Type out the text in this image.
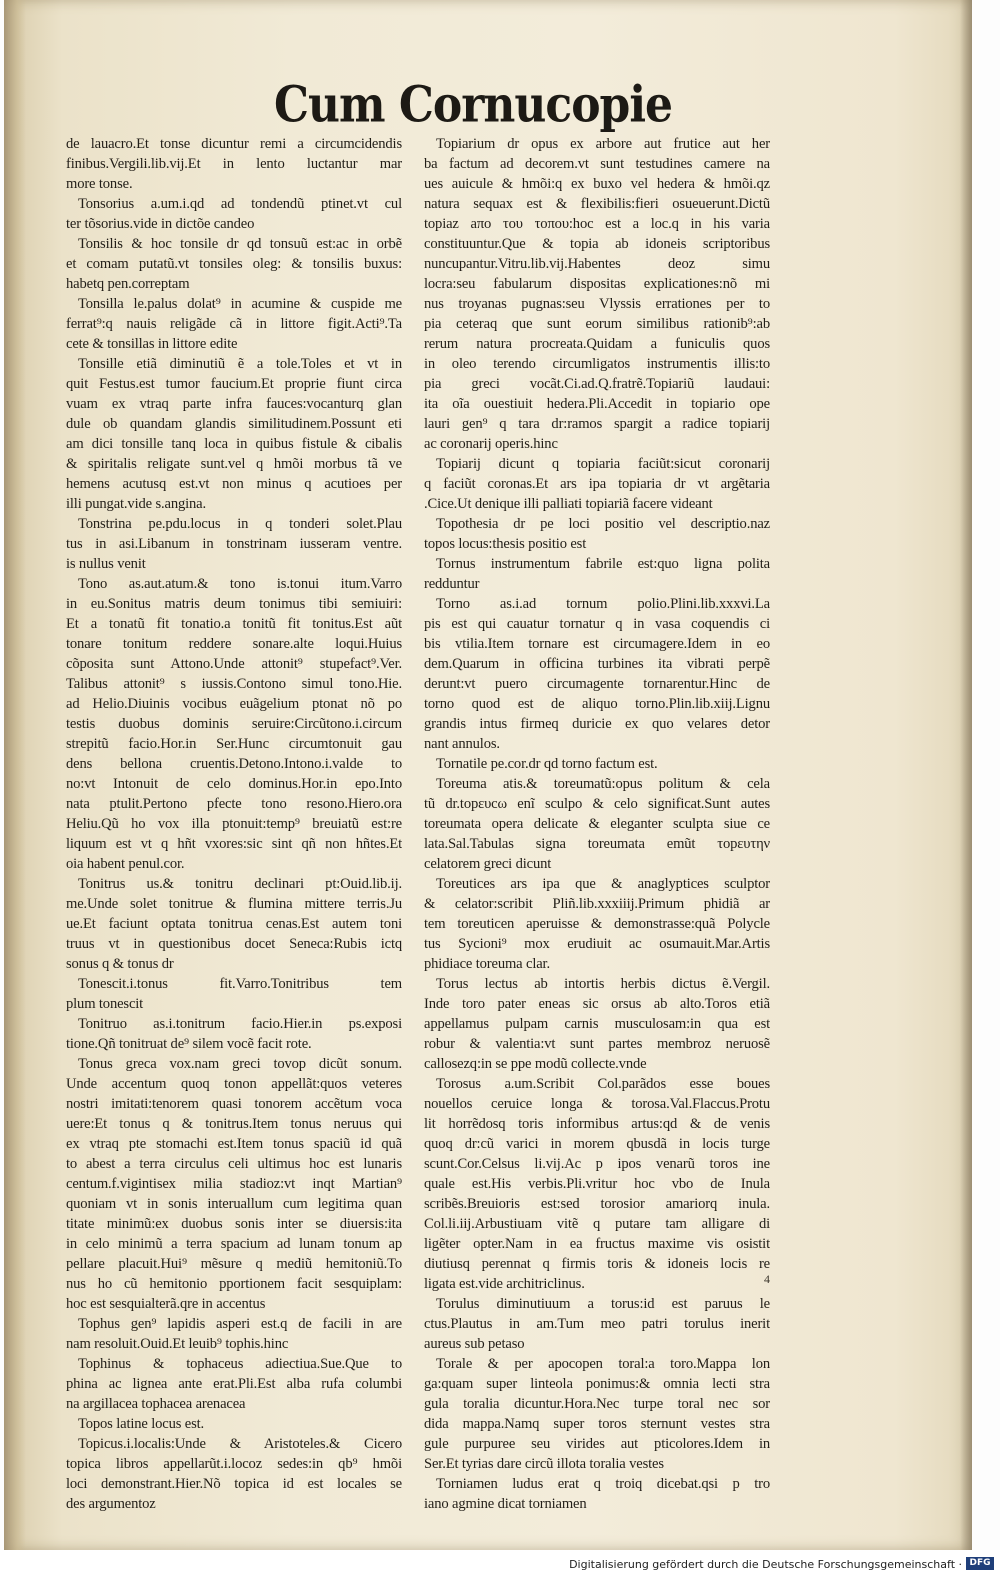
Cum Cornucopie
de lauacro.Et tonse dicuntur remi a circumcidendis
finibus.Vergili.lib.vij.Et in lento luctantur mar
more tonse.
Tonsorius a.um.i.qd ad tondendũ ptinet.vt cul
ter tõsorius.vide in dictõe candeo
Tonsilis & hoc tonsile dr qd tonsuũ est:ac in orbẽ
et comam putatũ.vt tonsiles oleg: & tonsilis buxus:
habetq pen.correptam
Tonsilla le.palus dolat⁹ in acumine & cuspide me
ferrat⁹:q nauis religãde cã in littore figit.Acti⁹.Ta
cete & tonsillas in littore edite
Tonsille etiã diminutiũ ẽ a tole.Toles et vt in
quit Festus.est tumor faucium.Et proprie fiunt circa
vuam ex vtraq parte infra fauces:vocanturq glan
dule ob quandam glandis similitudinem.Possunt eti
am dici tonsille tanq loca in quibus fistule & cibalis
& spiritalis religate sunt.vel q hmõi morbus tã ve
hemens acutusq est.vt non minus q acutioes per
illi pungat.vide s.angina.
Tonstrina pe.pdu.locus in q tonderi solet.Plau
tus in asi.Libanum in tonstrinam iusseram ventre.
is nullus venit
Tono as.aut.atum.& tono is.tonui itum.Varro
in eu.Sonitus matris deum tonimus tibi semiuiri:
Et a tonatũ fit tonatio.a tonitũ fit tonitus.Est aũt
tonare tonitum reddere sonare.alte loqui.Huius
cõposita sunt Attono.Unde attonit⁹ stupefact⁹.Ver.
Talibus attonit⁹ s iussis.Contono simul tono.Hie.
ad Helio.Diuinis vocibus euãgelium ptonat nõ po
testis duobus dominis seruire:Circũtono.i.circum
strepitũ facio.Hor.in Ser.Hunc circumtonuit gau
dens bellona cruentis.Detono.Intono.i.valde to
no:vt Intonuit de celo dominus.Hor.in epo.Into
nata ptulit.Pertono pfecte tono resono.Hiero.ora
Heliu.Qũ ho vox illa ptonuit:temp⁹ breuiatũ est:re
liquum est vt q hñt vxores:sic sint qñ non hñtes.Et
oia habent penul.cor.
Tonitrus us.& tonitru declinari pt:Ouid.lib.ij.
me.Unde solet tonitrue & flumina mittere terris.Ju
ue.Et faciunt optata tonitrua cenas.Est autem toni
truus vt in questionibus docet Seneca:Rubis ictq
sonus q & tonus dr
Tonescit.i.tonus fit.Varro.Tonitribus tem
plum tonescit
Tonitruo as.i.tonitrum facio.Hier.in ps.exposi
tione.Qñ tonitruat de⁹ silem vocẽ facit rote.
Tonus greca vox.nam greci tovop dicũt sonum.
Unde accentum quoq tonon appellãt:quos veteres
nostri imitati:tenorem quasi tonorem accẽtum voca
uere:Et tonus q & tonitrus.Item tonus neruus qui
ex vtraq pte stomachi est.Item tonus spaciũ id quã
to abest a terra circulus celi ultimus hoc est lunaris
centum.f.vigintisex milia stadioz:vt inqt Martian⁹
quoniam vt in sonis interuallum cum legitima quan
titate minimũ:ex duobus sonis inter se diuersis:ita
in celo minimũ a terra spacium ad lunam tonum ap
pellare placuit.Hui⁹ mẽsure q mediũ hemitoniũ.To
nus ho cũ hemitonio pportionem facit sesquiplam:
hoc est sesquialterã.qre in accentus
Tophus gen⁹ lapidis asperi est.q de facili in are
nam resoluit.Ouid.Et leuib⁹ tophis.hinc
Tophinus & tophaceus adiectiua.Sue.Que to
phina ac lignea ante erat.Pli.Est alba rufa columbi
na argillacea tophacea arenacea
Topos latine locus est.
Topicus.i.localis:Unde & Aristoteles.& Cicero
topica libros appellarũt.i.locoz sedes:in qb⁹ hmõi
loci demonstrant.Hier.Nõ topica id est locales se
des argumentoz
Topiarium dr opus ex arbore aut frutice aut her
ba factum ad decorem.vt sunt testudines camere na
ues auicule & hmõi:q ex buxo vel hedera & hmõi.qz
natura sequax est & flexibilis:fieri osueuerunt.Dictũ
topiaz aπo του τoπου:hoc est a loc.q in his varia
constituuntur.Que & topia ab idoneis scriptoribus
nuncupantur.Vitru.lib.vij.Habentes deoz simu
locra:seu fabularum dispositas explicationes:nõ mi
nus troyanas pugnas:seu Vlyssis errationes per to
pia ceteraq que sunt eorum similibus rationib⁹:ab
rerum natura procreata.Quidam a funiculis quos
in oleo terendo circumligatos instrumentis illis:to
pia greci vocãt.Ci.ad.Q.fratrẽ.Topiariũ laudaui:
ita oĩa ouestiuit hedera.Pli.Accedit in topiario ope
lauri gen⁹ q tara dr:ramos spargit a radice topiarij
ac coronarij operis.hinc
Topiarij dicunt q topiaria faciũt:sicut coronarij
q faciũt coronas.Et ars ipa topiaria dr vt argẽtaria
.Cice.Ut denique illi palliati topiariã facere videant
Topothesia dr pe loci positio vel descriptio.naz
topos locus:thesis positio est
Tornus instrumentum fabrile est:quo ligna polita
redduntur
Torno as.i.ad tornum polio.Plini.lib.xxxvi.La
pis est qui cauatur tornatur q in vasa coquendis ci
bis vtilia.Item tornare est circumagere.Idem in eo
dem.Quarum in officina turbines ita vibrati perpẽ
derunt:vt puero circumagente tornarentur.Hinc de
torno quod est de aliquo torno.Plin.lib.xiij.Lignu
grandis intus firmeq duricie ex quo velares detor
nant annulos.
Tornatile pe.cor.dr qd torno factum est.
Toreuma atis.& toreumatũ:opus politum & cela
tũ dr.topευcω enĩ sculpo & celo significat.Sunt autes
toreumata opera delicate & eleganter sculpta siue ce
lata.Sal.Tabulas signa toreumata emũt τopευτην
celatorem greci dicunt
Toreutices ars ipa que & anaglyptices sculptor
& celator:scribit Pliñ.lib.xxxiiij.Primum phidiã ar
tem toreuticen aperuisse & demonstrasse:quã Polycle
tus Sycioni⁹ mox erudiuit ac osumauit.Mar.Artis
phidiace toreuma clar.
Torus lectus ab intortis herbis dictus ẽ.Vergil.
Inde toro pater eneas sic orsus ab alto.Toros etiã
appellamus pulpam carnis musculosam:in qua est
robur & valentia:vt sunt partes membroz neruosẽ
callosezq:in se ppe modũ collecte.vnde
Torosus a.um.Scribit Col.parãdos esse boues
nouellos ceruice longa & torosa.Val.Flaccus.Protu
lit horrẽdosq toris informibus artus:qd & de venis
quoq dr:cũ varici in morem qbusdã in locis turge
scunt.Cor.Celsus li.vij.Ac p ipos venarũ toros ine
quale est.His verbis.Pli.vritur hoc vbo de Inula
scribẽs.Breuioris est:sed torosior amariorq inula.
Col.li.iij.Arbustiuam vitẽ q putare tam alligare di
ligẽter opter.Nam in ea fructus maxime vis osistit
diutiusq perennat q firmis toris & idoneis locis re
ligata est.vide architriclinus.
Torulus diminutiuum a torus:id est paruus le
ctus.Plautus in am.Tum meo patri torulus inerit
aureus sub petaso
Torale & per apocopen toral:a toro.Mappa lon
ga:quam super linteola ponimus:& omnia lecti stra
gula toralia dicuntur.Hora.Nec turpe toral nec sor
dida mappa.Namq super toros sternunt vestes stra
gule purpuree seu virides aut pticolores.Idem in
Ser.Et tyrias dare circũ illota toralia vestes
Torniamen ludus erat q troiq dicebat.qsi p tro
iano agmine dicat torniamen
4
Digitalisierung gefördert durch die Deutsche Forschungsgemeinschaft · DFG
